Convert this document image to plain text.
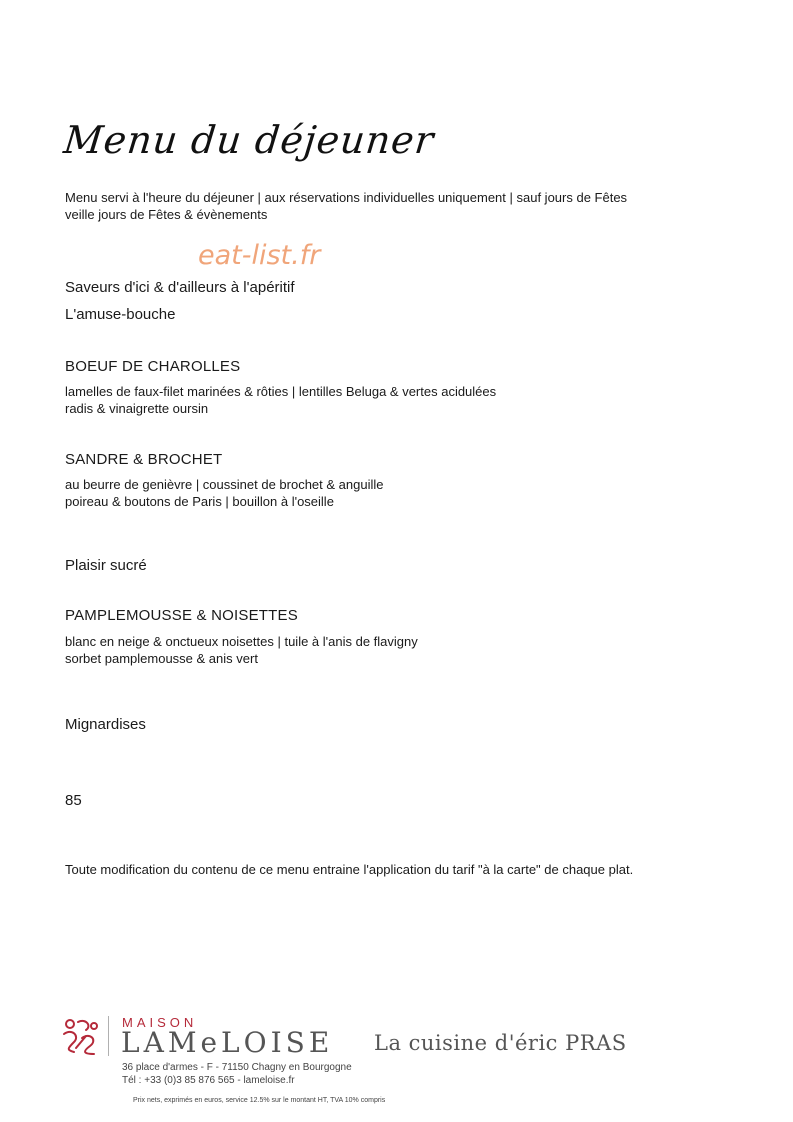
Menu du déjeuner
Menu servi à l'heure du déjeuner | aux réservations individuelles uniquement | sauf jours de Fêtes
veille jours de Fêtes & évènements
eat-list.fr
Saveurs d'ici & d'ailleurs à l'apéritif
L'amuse-bouche
BOEUF DE CHAROLLES
lamelles de faux-filet marinées & rôties | lentilles Beluga & vertes acidulées
radis & vinaigrette oursin
SANDRE & BROCHET
au beurre de genièvre | coussinet de brochet & anguille
poireau & boutons de Paris | bouillon à l'oseille
Plaisir sucré
PAMPLEMOUSSE & NOISETTES
blanc en neige & onctueux noisettes | tuile à l'anis de flavigny
sorbet pamplemousse & anis vert
Mignardises
85
Toute modification du contenu de ce menu entraine l'application du tarif "à la carte" de chaque plat.
MAISON
LAMeLOISE La cuisine d'éric PRAS
36 place d'armes - F - 71150 Chagny en Bourgogne
Tél : +33 (0)3 85 876 565 - lameloise.fr
Prix nets, exprimés en euros, service 12.5% sur le montant HT, TVA 10% compris
